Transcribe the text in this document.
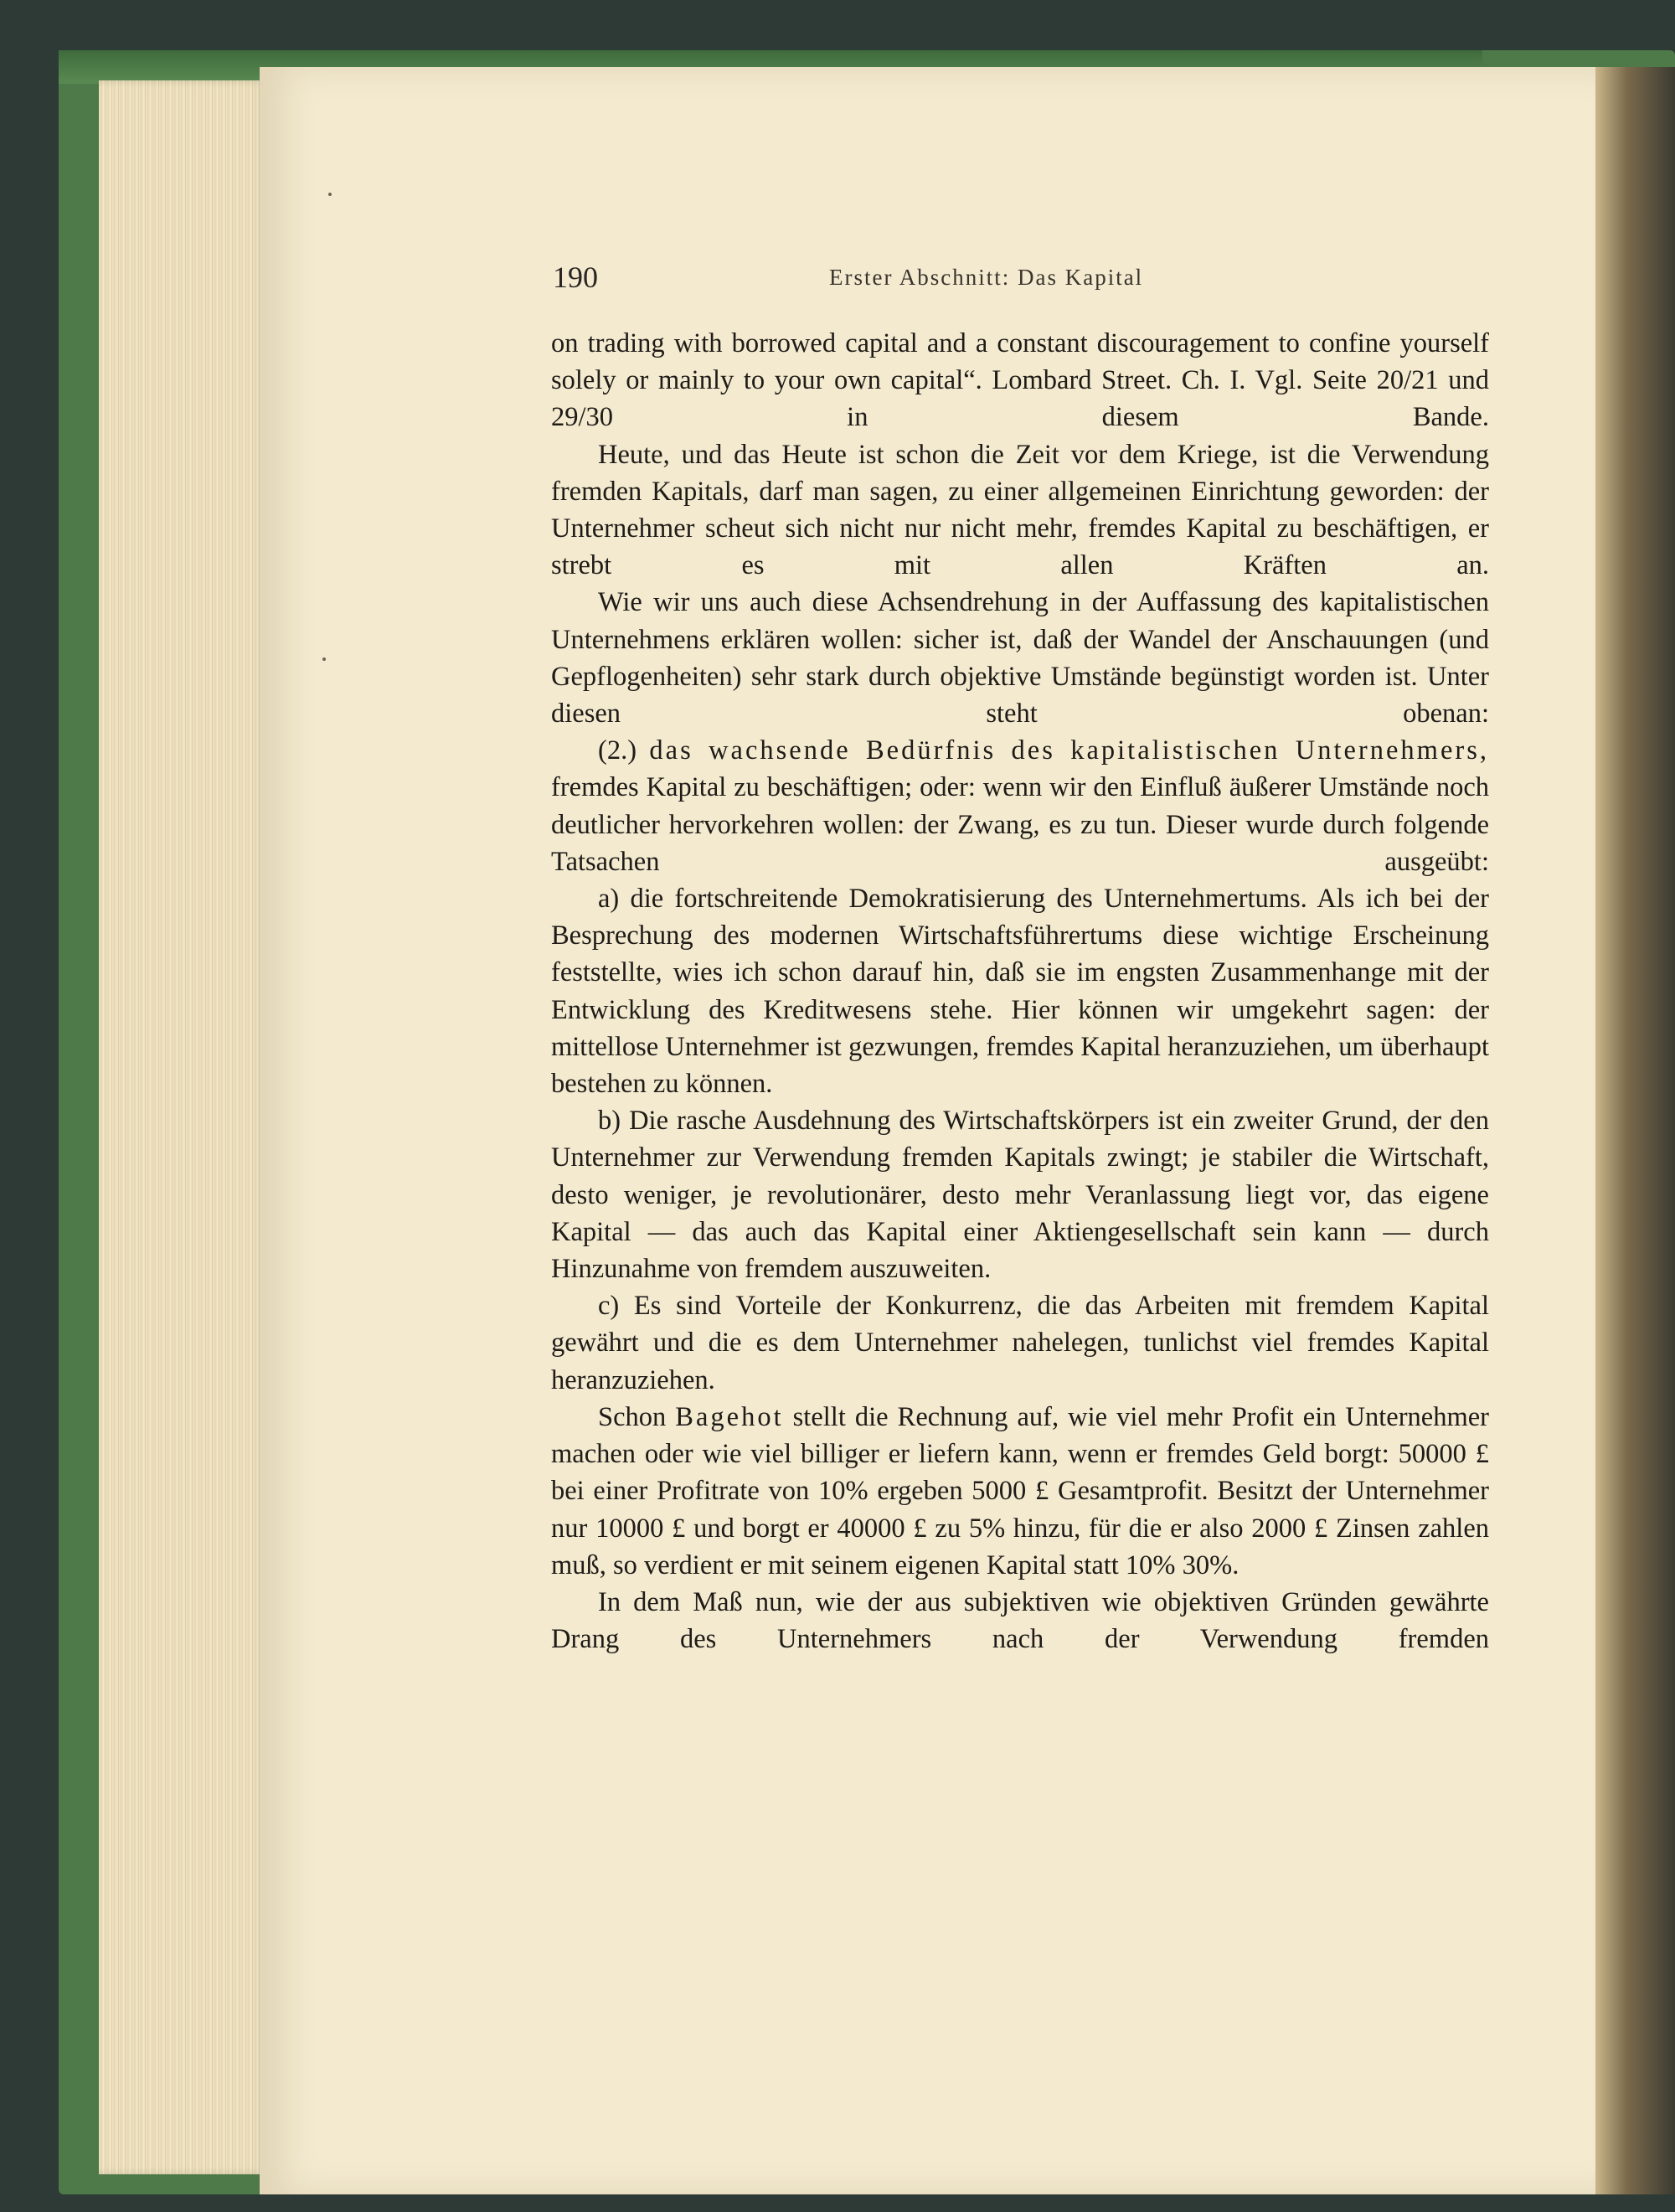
190	Erster Abschnitt: Das Kapital

on trading with borrowed capital and a constant discouragement to confine yourself solely or mainly to your own capital“. Lombard Street. Ch. I. Vgl. Seite 20/21 und 29/30 in diesem Bande.

Heute, und das Heute ist schon die Zeit vor dem Kriege, ist die Verwendung fremden Kapitals, darf man sagen, zu einer allgemeinen Einrichtung geworden: der Unternehmer scheut sich nicht nur nicht mehr, fremdes Kapital zu beschäftigen, er strebt es mit allen Kräften an.

Wie wir uns auch diese Achsendrehung in der Auffassung des kapitalistischen Unternehmens erklären wollen: sicher ist, daß der Wandel der Anschauungen (und Gepflogenheiten) sehr stark durch objektive Umstände begünstigt worden ist. Unter diesen steht obenan:

(2.) das wachsende Bedürfnis des kapitalistischen Unternehmers, fremdes Kapital zu beschäftigen; oder: wenn wir den Einfluß äußerer Umstände noch deutlicher hervorkehren wollen: der Zwang, es zu tun. Dieser wurde durch folgende Tatsachen ausgeübt:

a) die fortschreitende Demokratisierung des Unternehmertums. Als ich bei der Besprechung des modernen Wirtschaftsführertums diese wichtige Erscheinung feststellte, wies ich schon darauf hin, daß sie im engsten Zusammenhange mit der Entwicklung des Kreditwesens stehe. Hier können wir umgekehrt sagen: der mittellose Unternehmer ist gezwungen, fremdes Kapital heranzuziehen, um überhaupt bestehen zu können.

b) Die rasche Ausdehnung des Wirtschaftskörpers ist ein zweiter Grund, der den Unternehmer zur Verwendung fremden Kapitals zwingt; je stabiler die Wirtschaft, desto weniger, je revolutionärer, desto mehr Veranlassung liegt vor, das eigene Kapital — das auch das Kapital einer Aktiengesellschaft sein kann — durch Hinzunahme von fremdem auszuweiten.

c) Es sind Vorteile der Konkurrenz, die das Arbeiten mit fremdem Kapital gewährt und die es dem Unternehmer nahelegen, tunlichst viel fremdes Kapital heranzuziehen.

Schon Bagehot stellt die Rechnung auf, wie viel mehr Profit ein Unternehmer machen oder wie viel billiger er liefern kann, wenn er fremdes Geld borgt: 50000 £ bei einer Profitrate von 10% ergeben 5000 £ Gesamtprofit. Besitzt der Unternehmer nur 10000 £ und borgt er 40000 £ zu 5% hinzu, für die er also 2000 £ Zinsen zahlen muß, so verdient er mit seinem eigenen Kapital statt 10% 30%.

In dem Maß nun, wie der aus subjektiven wie objektiven Gründen gewährte Drang des Unternehmers nach der Verwendung fremden
